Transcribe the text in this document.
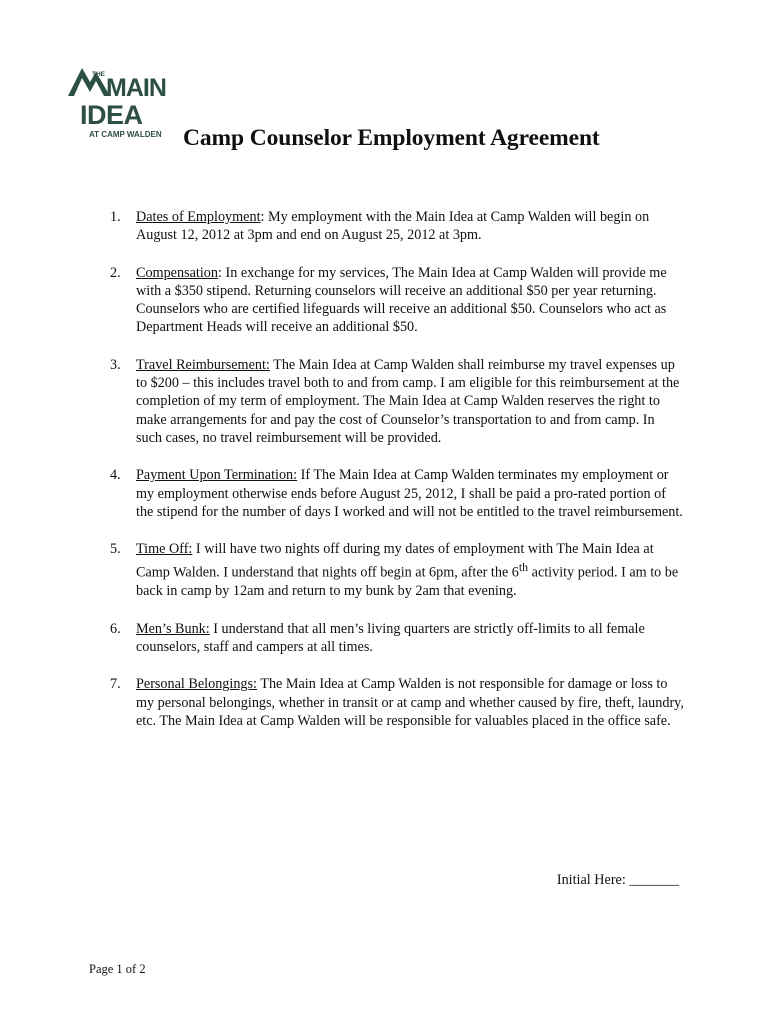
THE MAIN
IDEA
AT CAMP WALDEN Camp Counselor Employment Agreement
1. Dates of Employment: My employment with the Main Idea at Camp Walden will begin on August 12, 2012 at 3pm and end on August 25, 2012 at 3pm.
2. Compensation: In exchange for my services, The Main Idea at Camp Walden will provide me with a $350 stipend. Returning counselors will receive an additional $50 per year returning. Counselors who are certified lifeguards will receive an additional $50. Counselors who act as Department Heads will receive an additional $50.
3. Travel Reimbursement: The Main Idea at Camp Walden shall reimburse my travel expenses up to $200 – this includes travel both to and from camp. I am eligible for this reimbursement at the completion of my term of employment. The Main Idea at Camp Walden reserves the right to make arrangements for and pay the cost of Counselor’s transportation to and from camp. In such cases, no travel reimbursement will be provided.
4. Payment Upon Termination: If The Main Idea at Camp Walden terminates my employment or my employment otherwise ends before August 25, 2012, I shall be paid a pro-rated portion of the stipend for the number of days I worked and will not be entitled to the travel reimbursement.
5. Time Off: I will have two nights off during my dates of employment with The Main Idea at Camp Walden. I understand that nights off begin at 6pm, after the 6th activity period. I am to be back in camp by 12am and return to my bunk by 2am that evening.
6. Men’s Bunk: I understand that all men’s living quarters are strictly off-limits to all female counselors, staff and campers at all times.
7. Personal Belongings: The Main Idea at Camp Walden is not responsible for damage or loss to my personal belongings, whether in transit or at camp and whether caused by fire, theft, laundry, etc. The Main Idea at Camp Walden will be responsible for valuables placed in the office safe.
Initial Here: _______
Page 1 of 2
